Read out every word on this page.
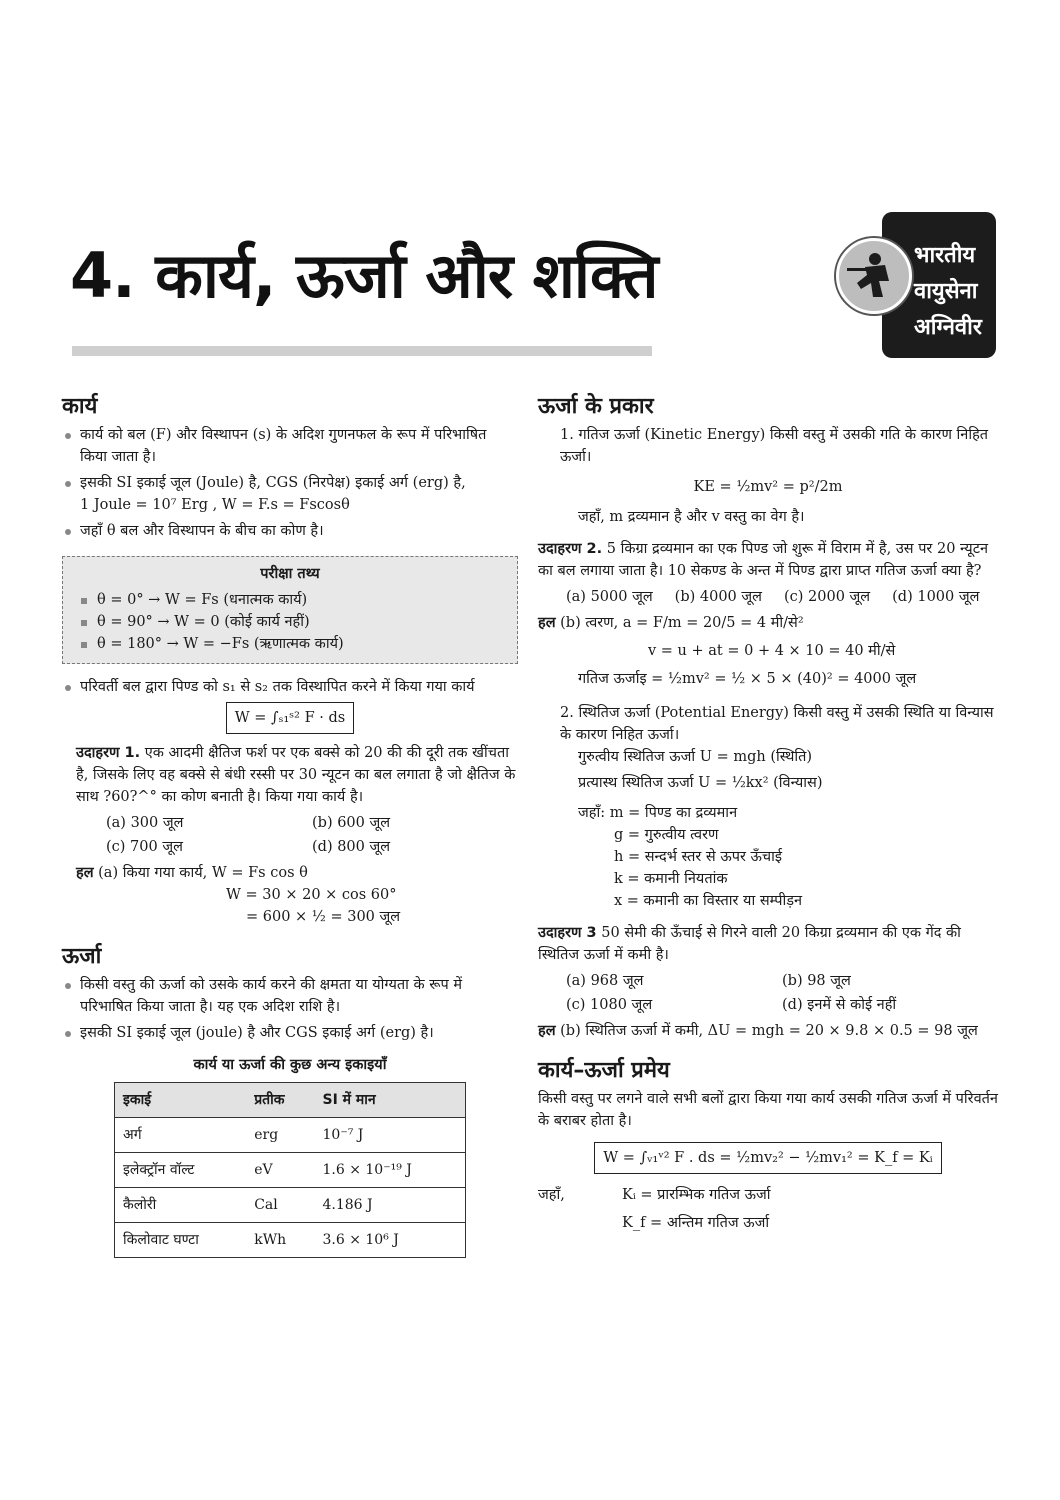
4. कार्य, ऊर्जा और शक्ति	भारतीय
वायुसेना
अग्निवीर
कार्य
कार्य को बल (F) और विस्थापन (s) के अदिश गुणनफल के रूप में परिभाषित किया जाता है।
इसकी SI इकाई जूल (Joule) है, CGS (निरपेक्ष) इकाई अर्ग (erg) है,
1 Joule = 10⁷ Erg , W = F.s = Fscosθ
जहाँ θ बल और विस्थापन के बीच का कोण है।
परीक्षा तथ्य
θ = 0° → W = Fs (धनात्मक कार्य)
θ = 90° → W = 0 (कोई कार्य नहीं)
θ = 180° → W = −Fs (ऋणात्मक कार्य)
परिवर्ती बल द्वारा पिण्ड को s₁ से s₂ तक विस्थापित करने में किया गया कार्य
W = ∫ₛ₁ˢ² F · ds
उदाहरण 1. एक आदमी क्षैतिज फर्श पर एक बक्से को 20 की की दूरी तक खींचता है, जिसके लिए वह बक्से से बंधी रस्सी पर 30 न्यूटन का बल लगाता है जो क्षैतिज के साथ ?60?^° का कोण बनाती है। किया गया कार्य है।
(a) 300 जूल	(b) 600 जूल
(c) 700 जूल	(d) 800 जूल
हल (a) किया गया कार्य, W = Fs cos θ
W = 30 × 20 × cos 60°
= 600 × ½ = 300 जूल
ऊर्जा
किसी वस्तु की ऊर्जा को उसके कार्य करने की क्षमता या योग्यता के रूप में परिभाषित किया जाता है। यह एक अदिश राशि है।
इसकी SI इकाई जूल (joule) है और CGS इकाई अर्ग (erg) है।
कार्य या ऊर्जा की कुछ अन्य इकाइयाँ
इकाई	प्रतीक	SI में मान
अर्ग	erg	10⁻⁷ J
इलेक्ट्रॉन वॉल्ट	eV	1.6 × 10⁻¹⁹ J
कैलोरी	Cal	4.186 J
किलोवाट घण्टा	kWh	3.6 × 10⁶ J
ऊर्जा के प्रकार
1. गतिज ऊर्जा (Kinetic Energy) किसी वस्तु में उसकी गति के कारण निहित ऊर्जा।
KE = ½mv² = p²/2m
जहाँ, m द्रव्यमान है और v वस्तु का वेग है।
उदाहरण 2. 5 किग्रा द्रव्यमान का एक पिण्ड जो शुरू में विराम में है, उस पर 20 न्यूटन का बल लगाया जाता है। 10 सेकण्ड के अन्त में पिण्ड द्वारा प्राप्त गतिज ऊर्जा क्या है?
(a) 5000 जूल (b) 4000 जूल (c) 2000 जूल (d) 1000 जूल
हल (b) त्वरण, a = F/m = 20/5 = 4 मी/से²
v = u + at = 0 + 4 × 10 = 40 मी/से
गतिज ऊर्जाइ = ½mv² = ½ × 5 × (40)² = 4000 जूल
2. स्थितिज ऊर्जा (Potential Energy) किसी वस्तु में उसकी स्थिति या विन्यास के कारण निहित ऊर्जा।
गुरुत्वीय स्थितिज ऊर्जा U = mgh (स्थिति)
प्रत्यास्थ स्थितिज ऊर्जा U = ½kx² (विन्यास)
जहाँ: m = पिण्ड का द्रव्यमान
g = गुरुत्वीय त्वरण
h = सन्दर्भ स्तर से ऊपर ऊँचाई
k = कमानी नियतांक
x = कमानी का विस्तार या सम्पीड़न
उदाहरण 3 50 सेमी की ऊँचाई से गिरने वाली 20 किग्रा द्रव्यमान की एक गेंद की स्थितिज ऊर्जा में कमी है।
(a) 968 जूल	(b) 98 जूल
(c) 1080 जूल	(d) इनमें से कोई नहीं
हल (b) स्थितिज ऊर्जा में कमी, ΔU = mgh = 20 × 9.8 × 0.5 = 98 जूल
कार्य–ऊर्जा प्रमेय
किसी वस्तु पर लगने वाले सभी बलों द्वारा किया गया कार्य उसकी गतिज ऊर्जा में परिवर्तन के बराबर होता है।
W = ∫ᵥ₁ᵛ² F . ds = ½mv₂² − ½mv₁² = K_f = Kᵢ
जहाँ,	Kᵢ = प्रारम्भिक गतिज ऊर्जा
K_f = अन्तिम गतिज ऊर्जा
